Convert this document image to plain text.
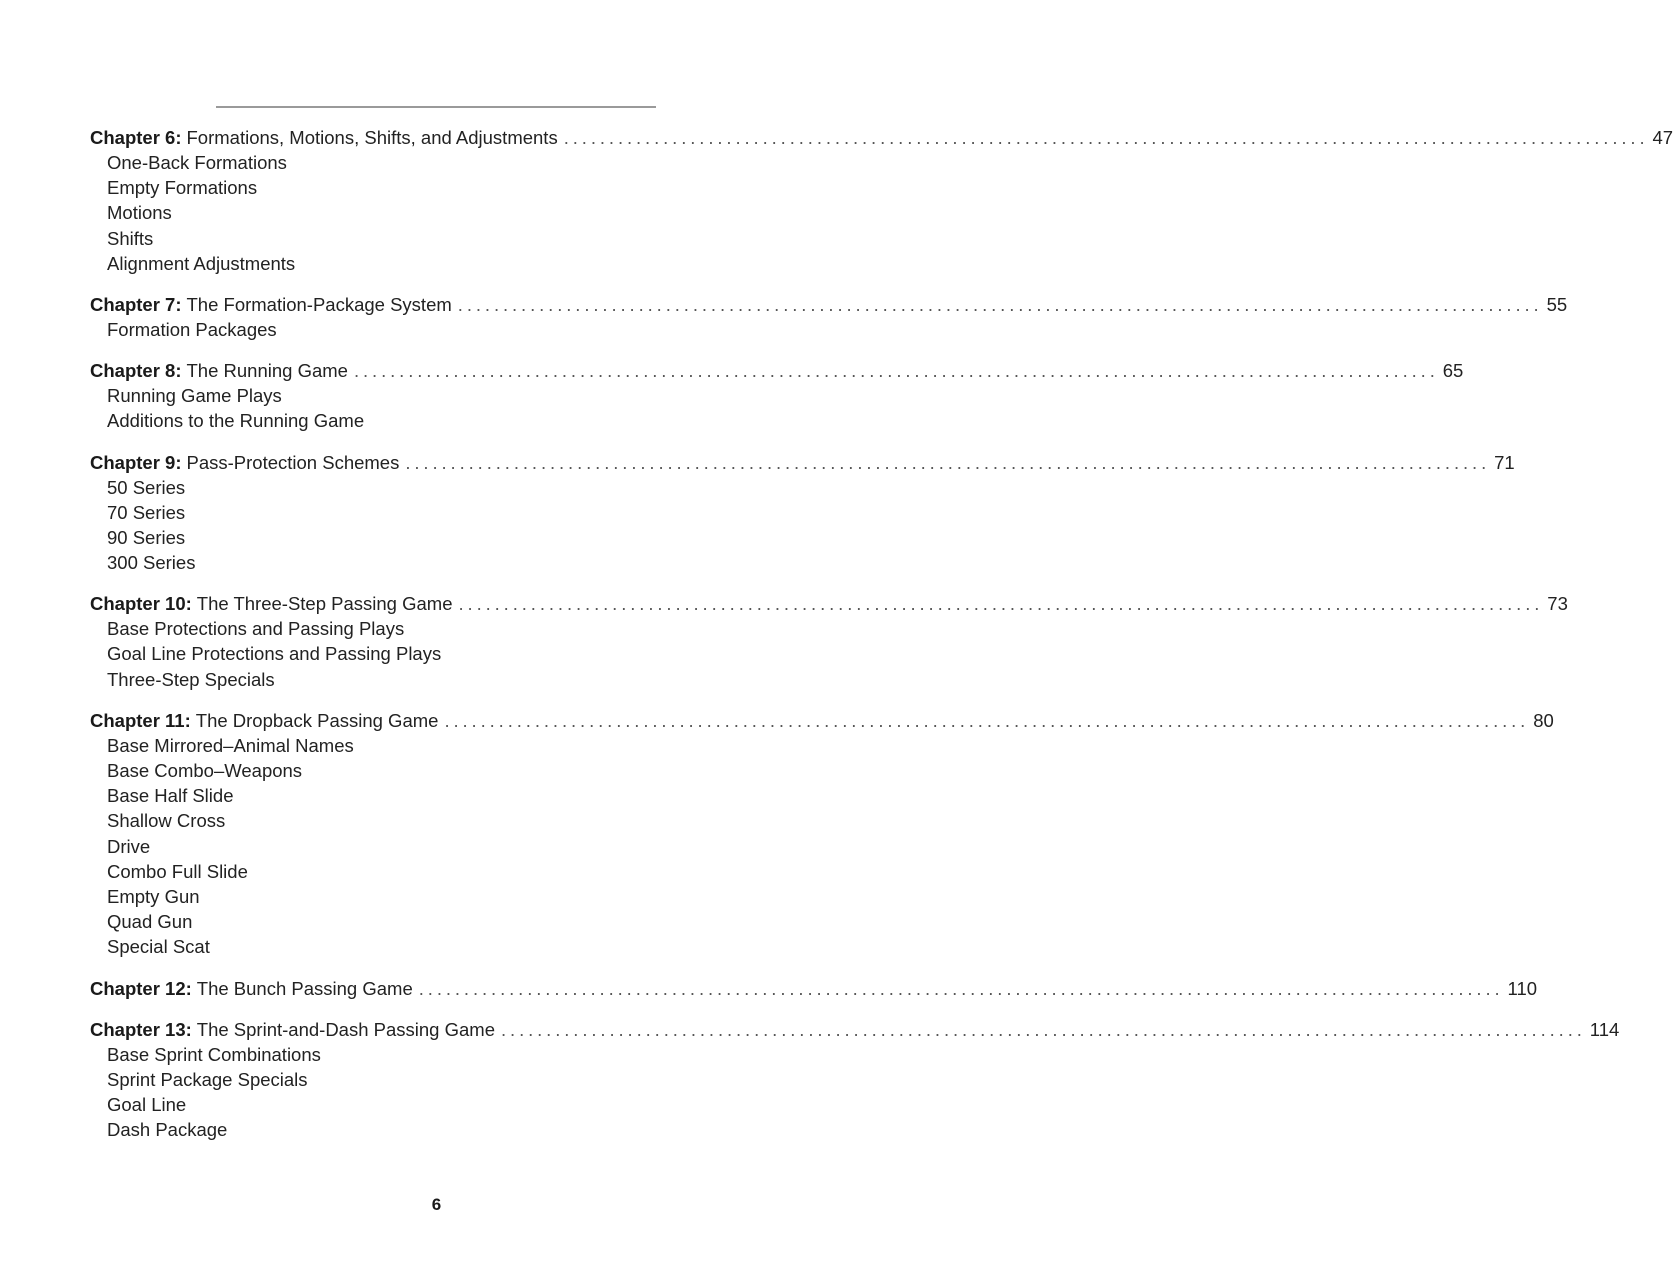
Chapter 6: Formations, Motions, Shifts, and Adjustments ........................................................................................................................ 47
One-Back Formations
Empty Formations
Motions
Shifts
Alignment Adjustments
Chapter 7: The Formation-Package System ........................................................................................................................ 55
Formation Packages
Chapter 8: The Running Game ........................................................................................................................ 65
Running Game Plays
Additions to the Running Game
Chapter 9: Pass-Protection Schemes ........................................................................................................................ 71
50 Series
70 Series
90 Series
300 Series
Chapter 10: The Three-Step Passing Game ........................................................................................................................ 73
Base Protections and Passing Plays
Goal Line Protections and Passing Plays
Three-Step Specials
Chapter 11: The Dropback Passing Game ........................................................................................................................ 80
Base Mirrored–Animal Names
Base Combo–Weapons
Base Half Slide
Shallow Cross
Drive
Combo Full Slide
Empty Gun
Quad Gun
Special Scat
Chapter 12: The Bunch Passing Game ........................................................................................................................ 110
Chapter 13: The Sprint-and-Dash Passing Game ........................................................................................................................ 114
Base Sprint Combinations
Sprint Package Specials
Goal Line
Dash Package
6
